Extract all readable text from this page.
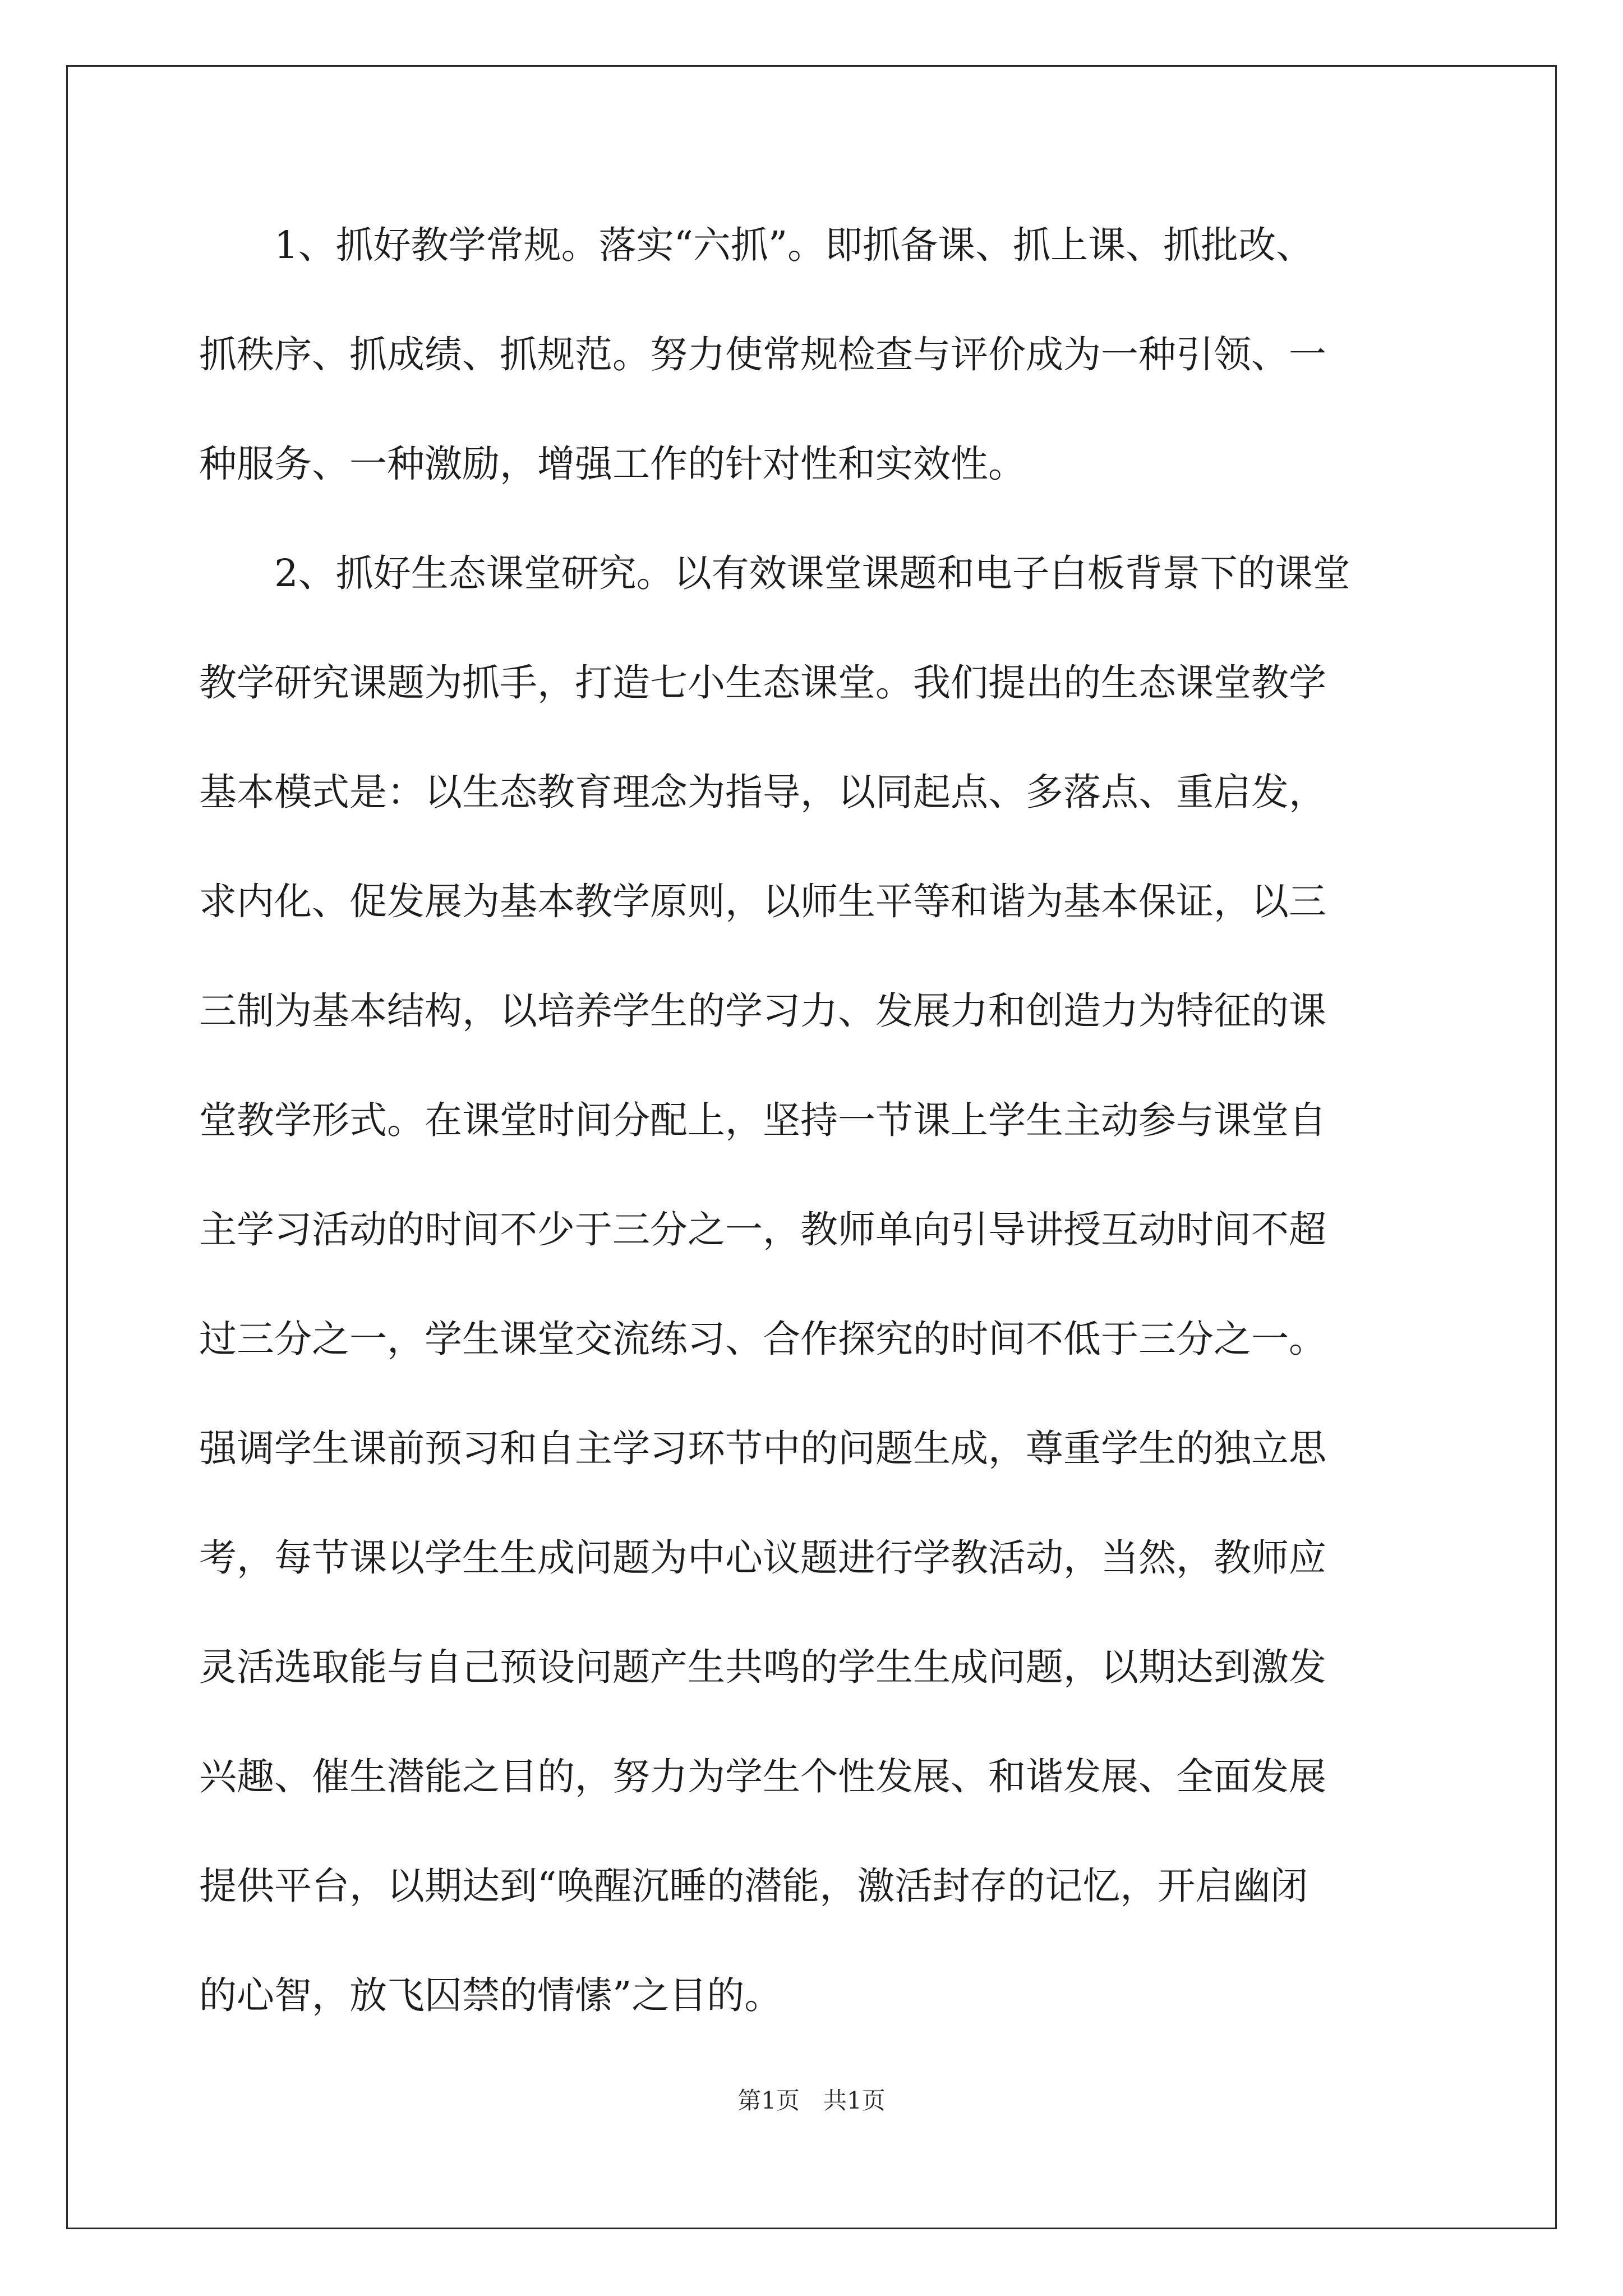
1、抓好教学常规。落实“六抓”。即抓备课、抓上课、抓批改、
抓秩序、抓成绩、抓规范。努力使常规检查与评价成为一种引领、一
种服务、一种激励，增强工作的针对性和实效性。

2、抓好生态课堂研究。以有效课堂课题和电子白板背景下的课堂
教学研究课题为抓手，打造七小生态课堂。我们提出的生态课堂教学
基本模式是：以生态教育理念为指导，以同起点、多落点、重启发，
求内化、促发展为基本教学原则，以师生平等和谐为基本保证，以三
三制为基本结构，以培养学生的学习力、发展力和创造力为特征的课
堂教学形式。在课堂时间分配上，坚持一节课上学生主动参与课堂自
主学习活动的时间不少于三分之一，教师单向引导讲授互动时间不超
过三分之一，学生课堂交流练习、合作探究的时间不低于三分之一。
强调学生课前预习和自主学习环节中的问题生成，尊重学生的独立思
考，每节课以学生生成问题为中心议题进行学教活动，当然，教师应
灵活选取能与自己预设问题产生共鸣的学生生成问题，以期达到激发
兴趣、催生潜能之目的，努力为学生个性发展、和谐发展、全面发展
提供平台，以期达到“唤醒沉睡的潜能，激活封存的记忆，开启幽闭
的心智，放飞囚禁的情愫”之目的。

第1页　共1页
